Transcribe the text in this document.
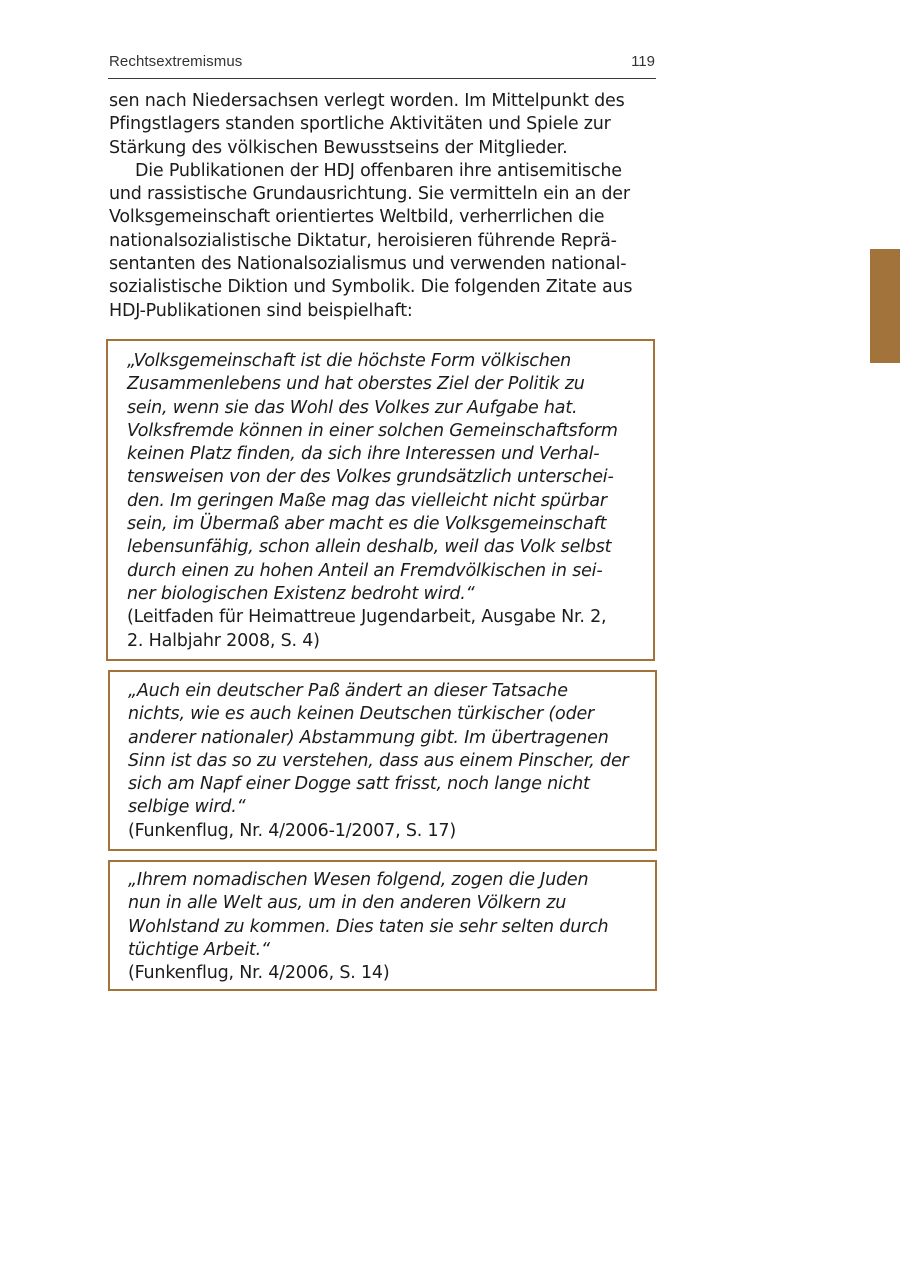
Rechtsextremismus	119
sen nach Niedersachsen verlegt worden. Im Mittelpunkt des
Pfingstlagers standen sportliche Aktivitäten und Spiele zur
Stärkung des völkischen Bewusstseins der Mitglieder.
Die Publikationen der HDJ offenbaren ihre antisemitische
und rassistische Grundausrichtung. Sie vermitteln ein an der
Volksgemeinschaft orientiertes Weltbild, verherrlichen die
nationalsozialistische Diktatur, heroisieren führende Reprä-
sentanten des Nationalsozialismus und verwenden national-
sozialistische Diktion und Symbolik. Die folgenden Zitate aus
HDJ-Publikationen sind beispielhaft:
„Volksgemeinschaft ist die höchste Form völkischen
Zusammenlebens und hat oberstes Ziel der Politik zu
sein, wenn sie das Wohl des Volkes zur Aufgabe hat.
Volksfremde können in einer solchen Gemeinschaftsform
keinen Platz finden, da sich ihre Interessen und Verhal-
tensweisen von der des Volkes grundsätzlich unterschei-
den. Im geringen Maße mag das vielleicht nicht spürbar
sein, im Übermaß aber macht es die Volksgemeinschaft
lebensunfähig, schon allein deshalb, weil das Volk selbst
durch einen zu hohen Anteil an Fremdvölkischen in sei-
ner biologischen Existenz bedroht wird.“
(Leitfaden für Heimattreue Jugendarbeit, Ausgabe Nr. 2,
2. Halbjahr 2008, S. 4)
„Auch ein deutscher Paß ändert an dieser Tatsache
nichts, wie es auch keinen Deutschen türkischer (oder
anderer nationaler) Abstammung gibt. Im übertragenen
Sinn ist das so zu verstehen, dass aus einem Pinscher, der
sich am Napf einer Dogge satt frisst, noch lange nicht
selbige wird.“
(Funkenflug, Nr. 4/2006-1/2007, S. 17)
„Ihrem nomadischen Wesen folgend, zogen die Juden
nun in alle Welt aus, um in den anderen Völkern zu
Wohlstand zu kommen. Dies taten sie sehr selten durch
tüchtige Arbeit.“
(Funkenflug, Nr. 4/2006, S. 14)
